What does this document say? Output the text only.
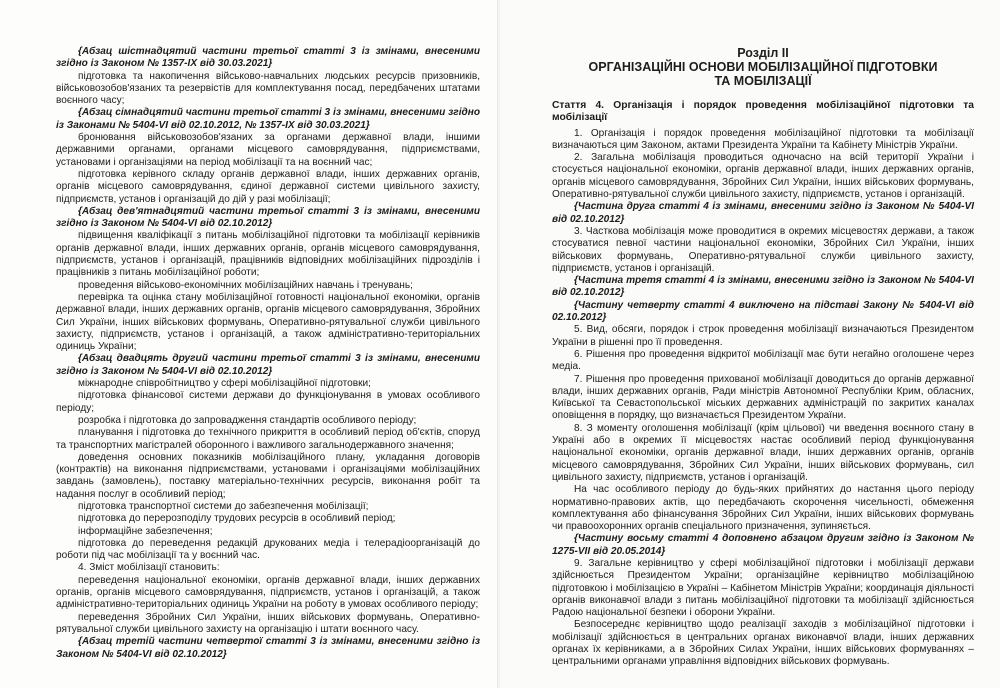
{Абзац шістнадцятий частини третьої статті 3 із змінами, внесеними згідно із Законом № 1357-IX від 30.03.2021}

підготовка та накопичення військово-навчальних людських ресурсів призовників, військовозобов'язаних та резервістів для комплектування посад, передбачених штатами воєнного часу;

{Абзац сімнадцятий частини третьої статті 3 із змінами, внесеними згідно із Законами № 5404-VI від 02.10.2012, № 1357-IX від 30.03.2021}

бронювання військовозобов'язаних за органами державної влади, іншими державними органами, органами місцевого самоврядування, підприємствами, установами і організаціями на період мобілізації та на воєнний час;

підготовка керівного складу органів державної влади, інших державних органів, органів місцевого самоврядування, єдиної державної системи цивільного захисту, підприємств, установ і організацій до дій у разі мобілізації;

{Абзац дев'ятнадцятий частини третьої статті 3 із змінами, внесеними згідно із Законом № 5404-VI від 02.10.2012}

підвищення кваліфікації з питань мобілізаційної підготовки та мобілізації керівників органів державної влади, інших державних органів, органів місцевого самоврядування, підприємств, установ і організацій, працівників відповідних мобілізаційних підрозділів і працівників з питань мобілізаційної роботи;

проведення військово-економічних мобілізаційних навчань і тренувань;

перевірка та оцінка стану мобілізаційної готовності національної економіки, органів державної влади, інших державних органів, органів місцевого самоврядування, Збройних Сил України, інших військових формувань, Оперативно-рятувальної служби цивільного захисту, підприємств, установ і організацій, а також адміністративно-територіальних одиниць України;

{Абзац двадцять другий частини третьої статті 3 із змінами, внесеними згідно із Законом № 5404-VI від 02.10.2012}

міжнародне співробітництво у сфері мобілізаційної підготовки;

підготовка фінансової системи держави до функціонування в умовах особливого періоду;

розробка і підготовка до запровадження стандартів особливого періоду;

планування і підготовка до технічного прикриття в особливий період об'єктів, споруд та транспортних магістралей оборонного і важливого загальнодержавного значення;

доведення основних показників мобілізаційного плану, укладання договорів (контрактів) на виконання підприємствами, установами і організаціями мобілізаційних завдань (замовлень), поставку матеріально-технічних ресурсів, виконання робіт та надання послуг в особливий період;

підготовка транспортної системи до забезпечення мобілізації;

підготовка до перерозподілу трудових ресурсів в особливий період;

інформаційне забезпечення;

підготовка до переведення редакцій друкованих медіа і телерадіоорганізацій до роботи під час мобілізації та у воєнний час.

4. Зміст мобілізації становить:

переведення національної економіки, органів державної влади, інших державних органів, органів місцевого самоврядування, підприємств, установ і організацій, а також адміністративно-територіальних одиниць України на роботу в умовах особливого періоду;

переведення Збройних Сил України, інших військових формувань, Оперативно-рятувальної служби цивільного захисту на організацію і штати воєнного часу.

{Абзац третій частини четвертої статті 3 із змінами, внесеними згідно із Законом № 5404-VI від 02.10.2012}

Розділ II
ОРГАНІЗАЦІЙНІ ОСНОВИ МОБІЛІЗАЦІЙНОЇ ПІДГОТОВКИ
ТА МОБІЛІЗАЦІЇ

Стаття 4. Організація і порядок проведення мобілізаційної підготовки та мобілізації

1. Організація і порядок проведення мобілізаційної підготовки та мобілізації визначаються цим Законом, актами Президента України та Кабінету Міністрів України.

2. Загальна мобілізація проводиться одночасно на всій території України і стосується національної економіки, органів державної влади, інших державних органів, органів місцевого самоврядування, Збройних Сил України, інших військових формувань, Оперативно-рятувальної служби цивільного захисту, підприємств, установ і організацій.

{Частина друга статті 4 із змінами, внесеними згідно із Законом № 5404-VI від 02.10.2012}

3. Часткова мобілізація може проводитися в окремих місцевостях держави, а також стосуватися певної частини національної економіки, Збройних Сил України, інших військових формувань, Оперативно-рятувальної служби цивільного захисту, підприємств, установ і організацій.

{Частина третя статті 4 із змінами, внесеними згідно із Законом № 5404-VI від 02.10.2012}

{Частину четверту статті 4 виключено на підставі Закону № 5404-VI від 02.10.2012}

5. Вид, обсяги, порядок і строк проведення мобілізації визначаються Президентом України в рішенні про її проведення.

6. Рішення про проведення відкритої мобілізації має бути негайно оголошене через медіа.

7. Рішення про проведення прихованої мобілізації доводиться до органів державної влади, інших державних органів, Ради міністрів Автономної Республіки Крим, обласних, Київської та Севастопольської міських державних адміністрацій по закритих каналах оповіщення в порядку, що визначається Президентом України.

8. З моменту оголошення мобілізації (крім цільової) чи введення воєнного стану в Україні або в окремих її місцевостях настає особливий період функціонування національної економіки, органів державної влади, інших державних органів, органів місцевого самоврядування, Збройних Сил України, інших військових формувань, сил цивільного захисту, підприємств, установ і організацій.

На час особливого періоду до будь-яких прийнятих до настання цього періоду нормативно-правових актів, що передбачають скорочення чисельності, обмеження комплектування або фінансування Збройних Сил України, інших військових формувань чи правоохоронних органів спеціального призначення, зупиняється.

{Частину восьму статті 4 доповнено абзацом другим згідно із Законом № 1275-VII від 20.05.2014}

9. Загальне керівництво у сфері мобілізаційної підготовки і мобілізації держави здійснюється Президентом України; організаційне керівництво мобілізаційною підготовкою і мобілізацією в Україні – Кабінетом Міністрів України; координація діяльності органів виконавчої влади з питань мобілізаційної підготовки та мобілізації здійснюється Радою національної безпеки і оборони України.

Безпосереднє керівництво щодо реалізації заходів з мобілізаційної підготовки і мобілізації здійснюється в центральних органах виконавчої влади, інших державних органах їх керівниками, а в Збройних Силах України, інших військових формуваннях – центральними органами управління відповідних військових формувань.
